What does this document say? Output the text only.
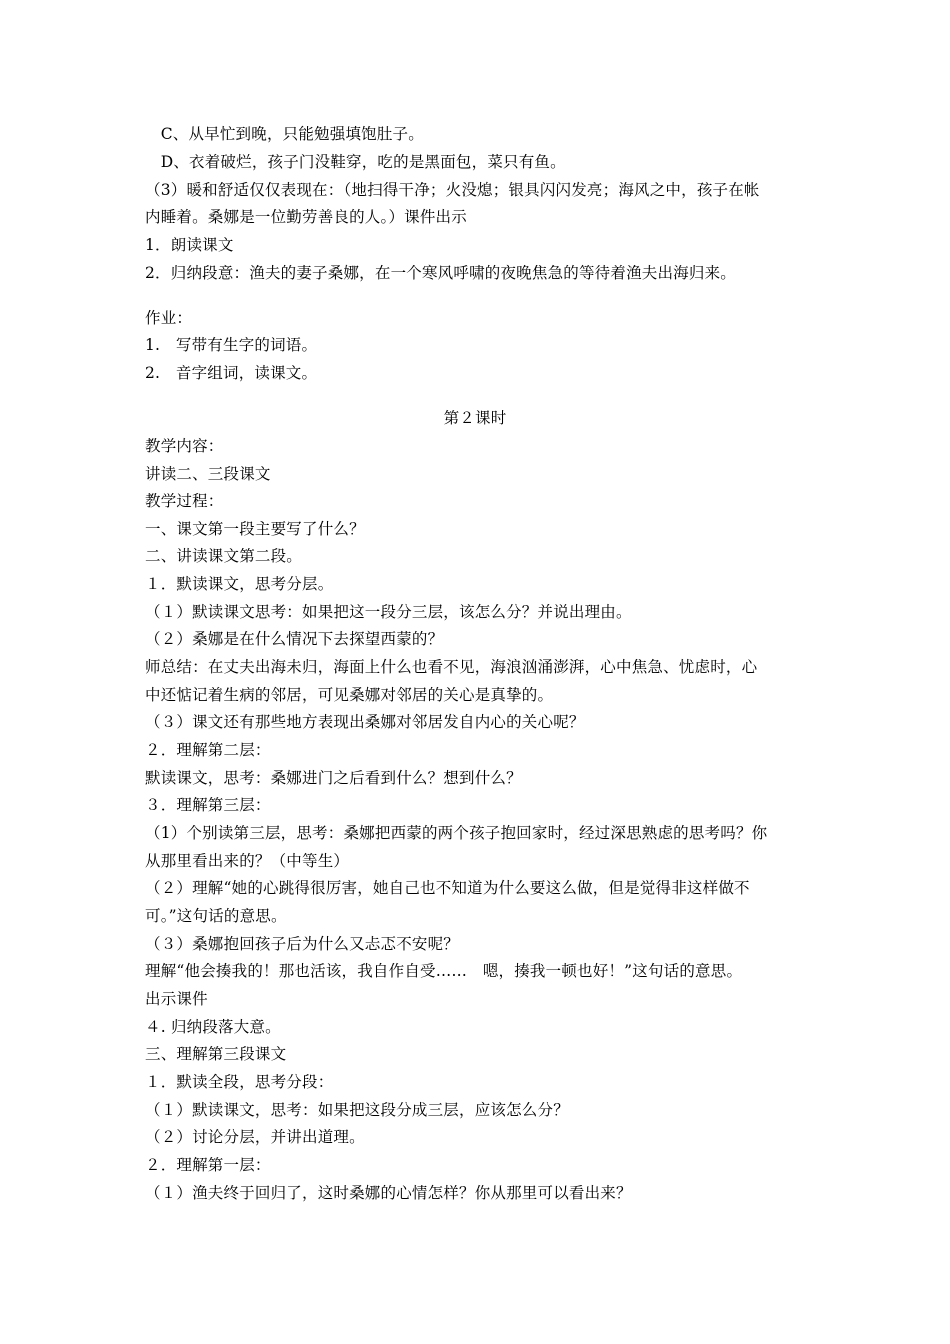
　C、从早忙到晚，只能勉强填饱肚子。
　D、衣着破烂，孩子门没鞋穿，吃的是黑面包，菜只有鱼。
（3）暖和舒适仅仅表现在：（地扫得干净；火没熄；银具闪闪发亮；海风之中，孩子在帐
内睡着。桑娜是一位勤劳善良的人。）课件出示
1．朗读课文
2．归纳段意：渔夫的妻子桑娜，在一个寒风呼啸的夜晚焦急的等待着渔夫出海归来。
作业：
1.　写带有生字的词语。
2.　音字组词，读课文。
第２课时
教学内容：
讲读二、三段课文
教学过程：
一、课文第一段主要写了什么？
二、讲读课文第二段。
１．默读课文，思考分层。
（１）默读课文思考：如果把这一段分三层，该怎么分？并说出理由。
（２）桑娜是在什么情况下去探望西蒙的？
师总结：在丈夫出海未归，海面上什么也看不见，海浪汹涌澎湃，心中焦急、忧虑时，心
中还惦记着生病的邻居，可见桑娜对邻居的关心是真挚的。
（３）课文还有那些地方表现出桑娜对邻居发自内心的关心呢？
２．理解第二层：
默读课文，思考：桑娜进门之后看到什么？想到什么？
３．理解第三层：
（1）个别读第三层，思考：桑娜把西蒙的两个孩子抱回家时，经过深思熟虑的思考吗？你
从那里看出来的？（中等生）
（２）理解“她的心跳得很厉害，她自己也不知道为什么要这么做，但是觉得非这样做不
可。”这句话的意思。
（３）桑娜抱回孩子后为什么又忐忑不安呢？
理解“他会揍我的！那也活该，我自作自受……　嗯，揍我一顿也好！”这句话的意思。
出示课件
４. 归纳段落大意。
三、理解第三段课文
１．默读全段，思考分段：
（１）默读课文，思考：如果把这段分成三层，应该怎么分？
（２）讨论分层，并讲出道理。
２．理解第一层：
（１）渔夫终于回归了，这时桑娜的心情怎样？你从那里可以看出来？
